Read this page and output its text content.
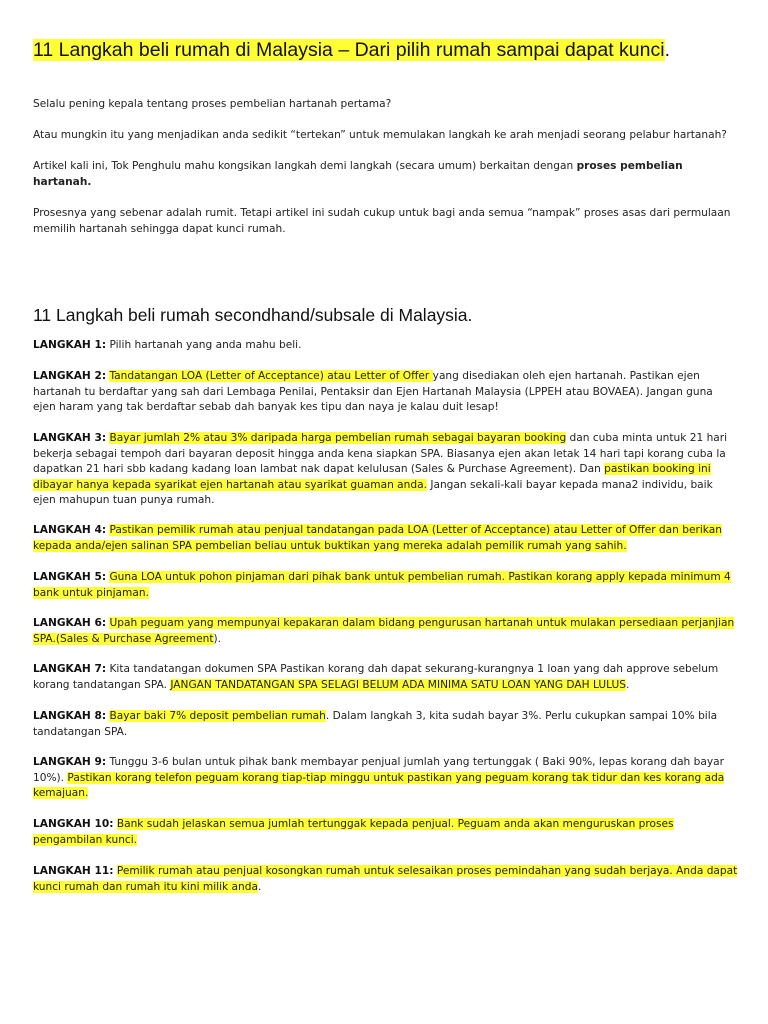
11 Langkah beli rumah di Malaysia – Dari pilih rumah sampai dapat kunci.

Selalu pening kepala tentang proses pembelian hartanah pertama?

Atau mungkin itu yang menjadikan anda sedikit “tertekan” untuk memulakan langkah ke arah menjadi seorang pelabur hartanah?

Artikel kali ini, Tok Penghulu mahu kongsikan langkah demi langkah (secara umum) berkaitan dengan proses pembelian hartanah.

Prosesnya yang sebenar adalah rumit. Tetapi artikel ini sudah cukup untuk bagi anda semua “nampak” proses asas dari permulaan memilih hartanah sehingga dapat kunci rumah.

11 Langkah beli rumah secondhand/subsale di Malaysia.
LANGKAH 1: Pilih hartanah yang anda mahu beli.
LANGKAH 2: Tandatangan LOA (Letter of Acceptance) atau Letter of Offer yang disediakan oleh ejen hartanah. Pastikan ejen hartanah tu berdaftar yang sah dari Lembaga Penilai, Pentaksir dan Ejen Hartanah Malaysia (LPPEH atau BOVAEA). Jangan guna ejen haram yang tak berdaftar sebab dah banyak kes tipu dan naya je kalau duit lesap!
LANGKAH 3: Bayar jumlah 2% atau 3% daripada harga pembelian rumah sebagai bayaran booking dan cuba minta untuk 21 hari bekerja sebagai tempoh dari bayaran deposit hingga anda kena siapkan SPA. Biasanya ejen akan letak 14 hari tapi korang cuba la dapatkan 21 hari sbb kadang kadang loan lambat nak dapat kelulusan (Sales & Purchase Agreement). Dan pastikan booking ini dibayar hanya kepada syarikat ejen hartanah atau syarikat guaman anda. Jangan sekali-kali bayar kepada mana2 individu, baik ejen mahupun tuan punya rumah.
LANGKAH 4: Pastikan pemilik rumah atau penjual tandatangan pada LOA (Letter of Acceptance) atau Letter of Offer dan berikan kepada anda/ejen salinan SPA pembelian beliau untuk buktikan yang mereka adalah pemilik rumah yang sahih.
LANGKAH 5: Guna LOA untuk pohon pinjaman dari pihak bank untuk pembelian rumah. Pastikan korang apply kepada minimum 4 bank untuk pinjaman.
LANGKAH 6: Upah peguam yang mempunyai kepakaran dalam bidang pengurusan hartanah untuk mulakan persediaan perjanjian SPA.(Sales & Purchase Agreement).
LANGKAH 7: Kita tandatangan dokumen SPA Pastikan korang dah dapat sekurang-kurangnya 1 loan yang dah approve sebelum korang tandatangan SPA. JANGAN TANDATANGAN SPA SELAGI BELUM ADA MINIMA SATU LOAN YANG DAH LULUS.
LANGKAH 8: Bayar baki 7% deposit pembelian rumah. Dalam langkah 3, kita sudah bayar 3%. Perlu cukupkan sampai 10% bila tandatangan SPA.
LANGKAH 9: Tunggu 3-6 bulan untuk pihak bank membayar penjual jumlah yang tertunggak ( Baki 90%, lepas korang dah bayar 10%). Pastikan korang telefon peguam korang tiap-tiap minggu untuk pastikan yang peguam korang tak tidur dan kes korang ada kemajuan.
LANGKAH 10: Bank sudah jelaskan semua jumlah tertunggak kepada penjual. Peguam anda akan menguruskan proses pengambilan kunci.
LANGKAH 11: Pemilik rumah atau penjual kosongkan rumah untuk selesaikan proses pemindahan yang sudah berjaya. Anda dapat kunci rumah dan rumah itu kini milik anda.
